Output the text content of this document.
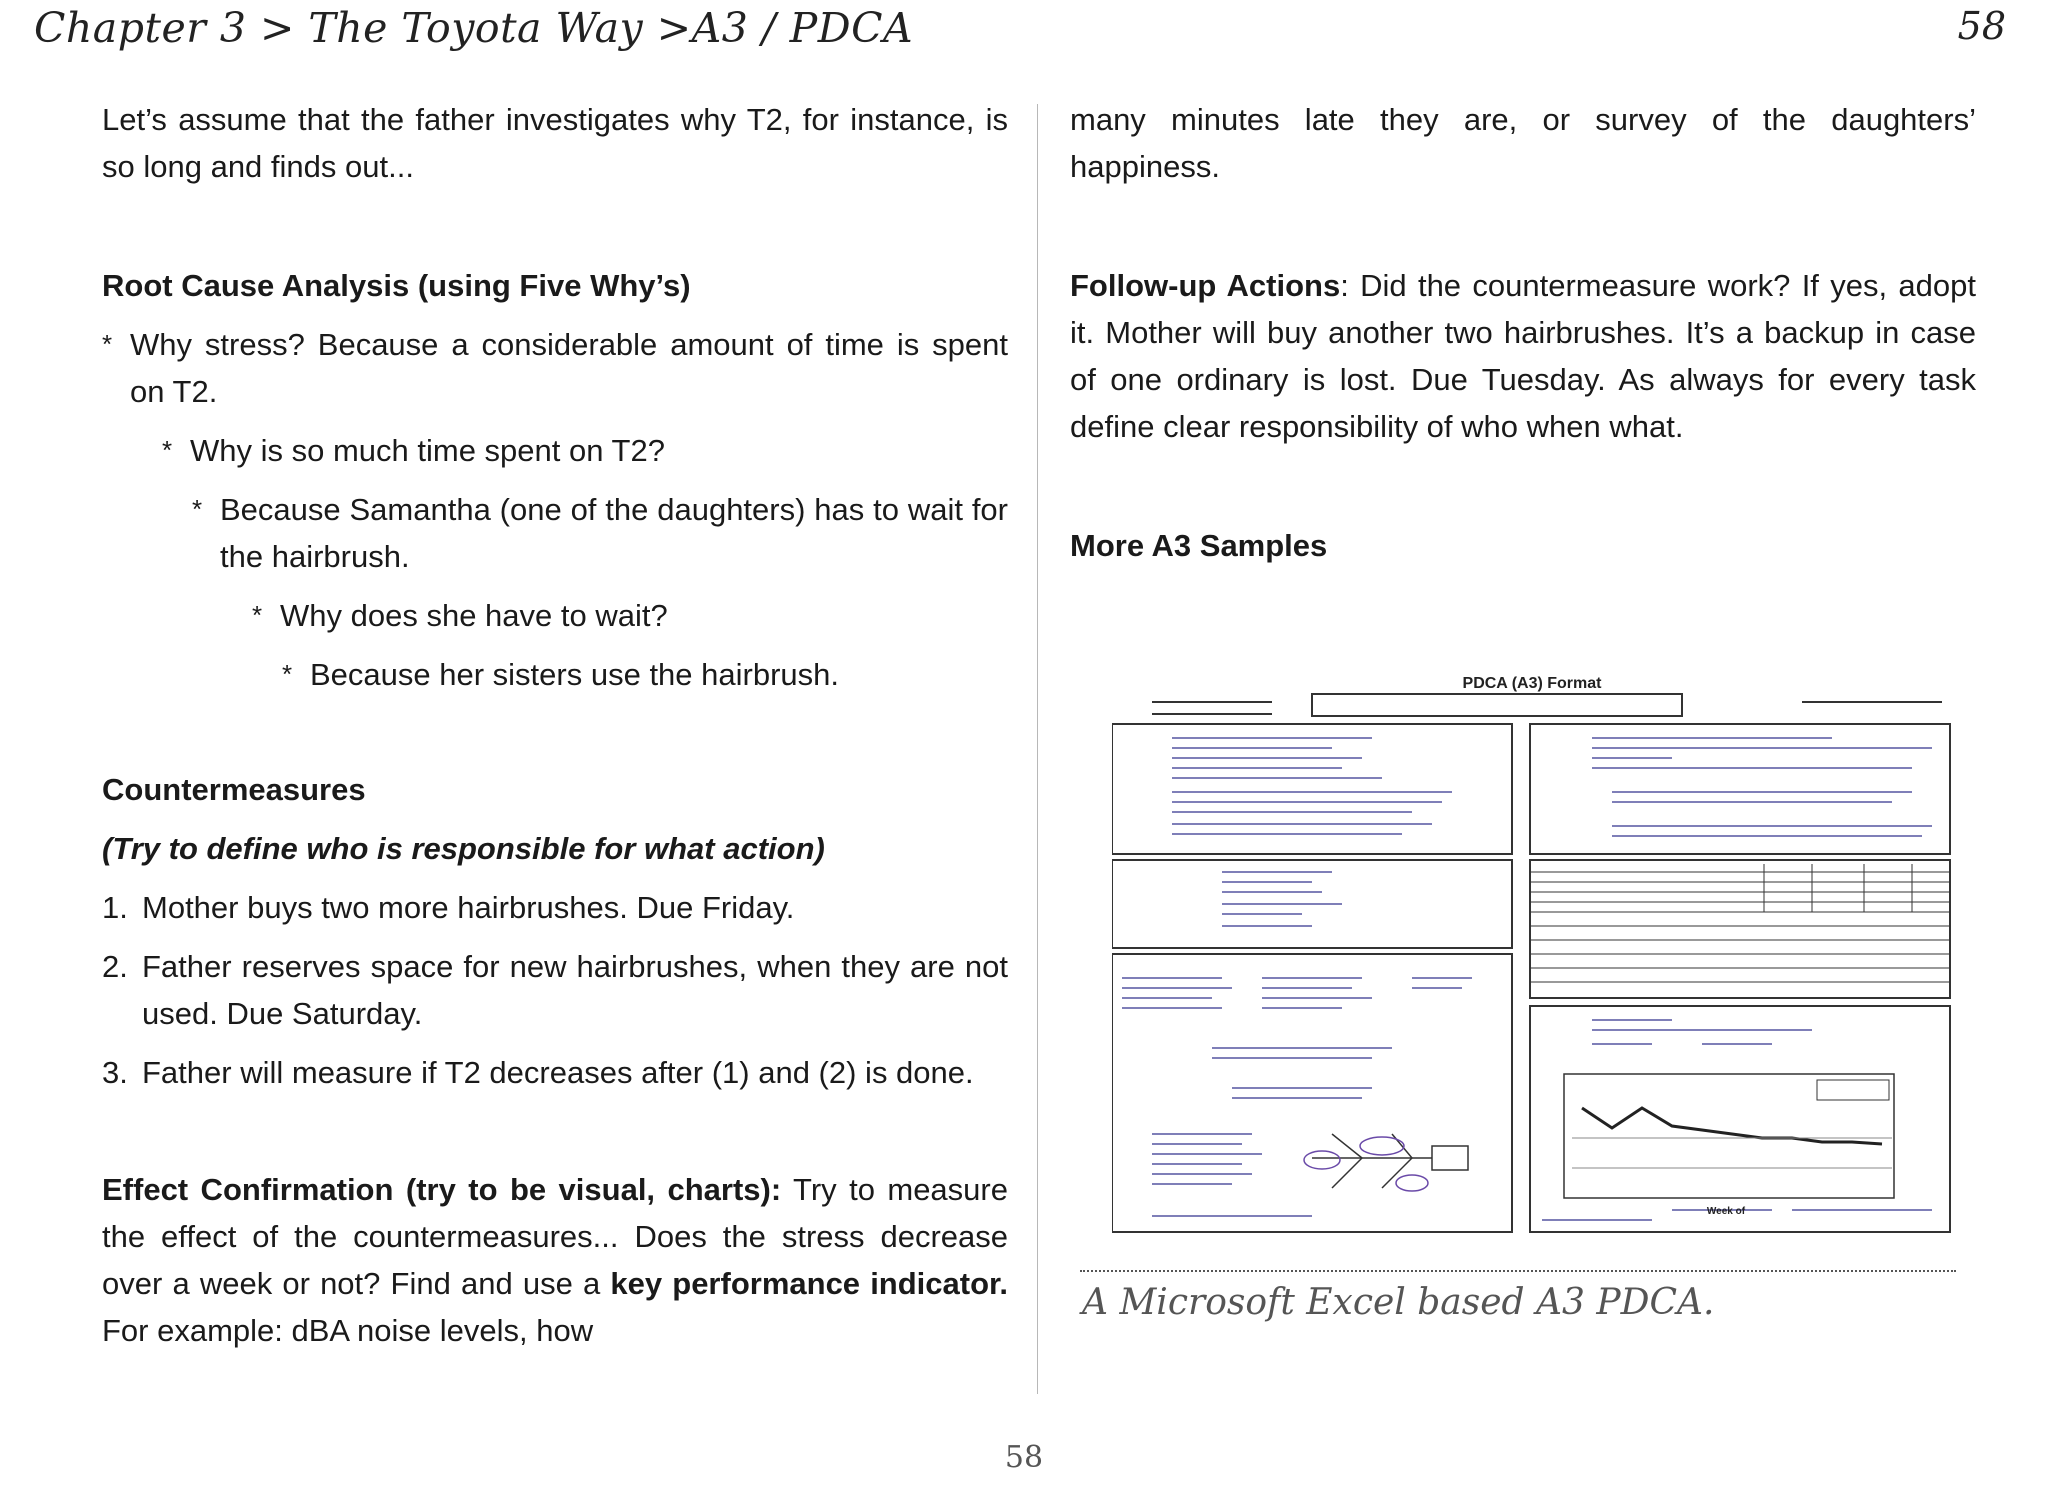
Chapter 3 > The Toyota Way >A3 / PDCA	58

Let’s assume that the father investigates why T2, for instance, is so long and finds out...

Root Cause Analysis (using Five Why’s)
* Why stress? Because a considerable amount of time is spent on T2.
* Why is so much time spent on T2?
* Because Samantha (one of the daughters) has to wait for the hairbrush.
* Why does she have to wait?
* Because her sisters use the hairbrush.
Countermeasures
(Try to define who is responsible for what action)
1. Mother buys two more hairbrushes. Due Friday.
2. Father reserves space for new hairbrushes, when they are not used. Due Saturday.
3. Father will measure if T2 decreases after (1) and (2) is done.

Effect Confirmation (try to be visual, charts): Try to measure the effect of the countermeasures... Does the stress decrease over a week or not? Find and use a key performance indicator. For example: dBA noise levels, how

many minutes late they are, or survey of the daughters’ happiness.

Follow-up Actions: Did the countermeasure work? If yes, adopt it. Mother will buy another two hairbrushes. It’s a backup in case of one ordinary is lost. Due Tuesday. As always for every task define clear responsibility of who when what.

More A3 Samples
PDCA (A3) Format
Week of
A Microsoft Excel based A3 PDCA.
58
